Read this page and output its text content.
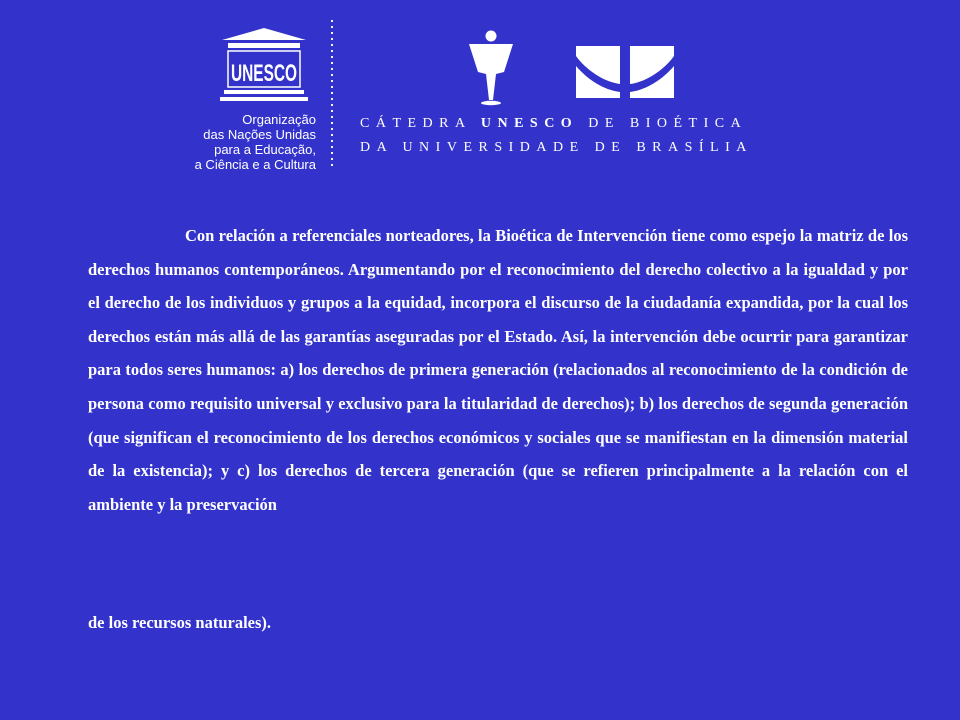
UNESCO
Organização
das Nações Unidas
para a Educação,
a Ciência e a Cultura
CÁTEDRA UNESCO DE BIOÉTICA
DA UNIVERSIDADE DE BRASÍLIA
Con relación a referenciales norteadores, la Bioética de Intervención tiene como espejo la matriz de los derechos humanos contemporáneos. Argumentando por el reconocimiento del derecho colectivo a la igualdad y por el derecho de los individuos y grupos a la equidad, incorpora el discurso de la ciudadanía expandida, por la cual los derechos están más allá de las garantías aseguradas por el Estado. Así, la intervención debe ocurrir para garantizar para todos seres humanos: a) los derechos de primera generación (relacionados al reconocimiento de la condición de persona como requisito universal y exclusivo para la titularidad de derechos); b) los derechos de segunda generación (que significan el reconocimiento de los derechos económicos y sociales que se manifiestan en la dimensión material de la existencia); y c) los derechos de tercera generación (que se refieren principalmente a la relación con el ambiente y la preservación
de los recursos naturales).
